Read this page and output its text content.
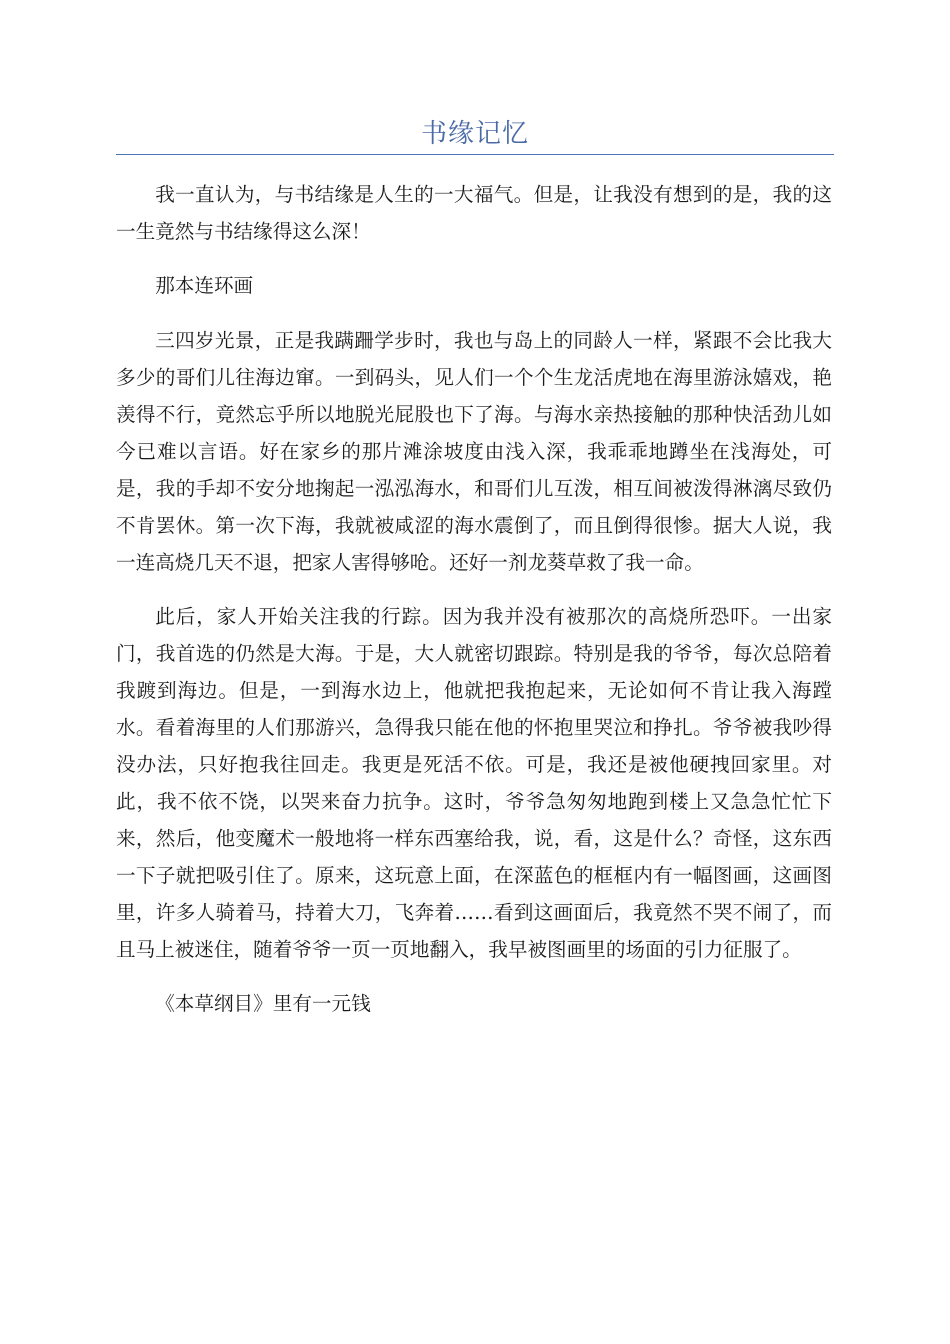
书缘记忆

我一直认为，与书结缘是人生的一大福气。但是，让我没有想到的是，我的这一生竟然与书结缘得这么深！

那本连环画

三四岁光景，正是我蹒跚学步时，我也与岛上的同龄人一样，紧跟不会比我大多少的哥们儿往海边窜。一到码头，见人们一个个生龙活虎地在海里游泳嬉戏，艳羡得不行，竟然忘乎所以地脱光屁股也下了海。与海水亲热接触的那种快活劲儿如今已难以言语。好在家乡的那片滩涂坡度由浅入深，我乖乖地蹲坐在浅海处，可是，我的手却不安分地掬起一泓泓海水，和哥们儿互泼，相互间被泼得淋漓尽致仍不肯罢休。第一次下海，我就被咸涩的海水震倒了，而且倒得很惨。据大人说，我一连高烧几天不退，把家人害得够呛。还好一剂龙葵草救了我一命。

此后，家人开始关注我的行踪。因为我并没有被那次的高烧所恐吓。一出家门，我首选的仍然是大海。于是，大人就密切跟踪。特别是我的爷爷，每次总陪着我踱到海边。但是，一到海水边上，他就把我抱起来，无论如何不肯让我入海蹚水。看着海里的人们那游兴，急得我只能在他的怀抱里哭泣和挣扎。爷爷被我吵得没办法，只好抱我往回走。我更是死活不依。可是，我还是被他硬拽回家里。对此，我不依不饶，以哭来奋力抗争。这时，爷爷急匆匆地跑到楼上又急急忙忙下来，然后，他变魔术一般地将一样东西塞给我，说，看，这是什么？奇怪，这东西一下子就把吸引住了。原来，这玩意上面，在深蓝色的框框内有一幅图画，这画图里，许多人骑着马，持着大刀，飞奔着……看到这画面后，我竟然不哭不闹了，而且马上被迷住，随着爷爷一页一页地翻入，我早被图画里的场面的引力征服了。

《本草纲目》里有一元钱
